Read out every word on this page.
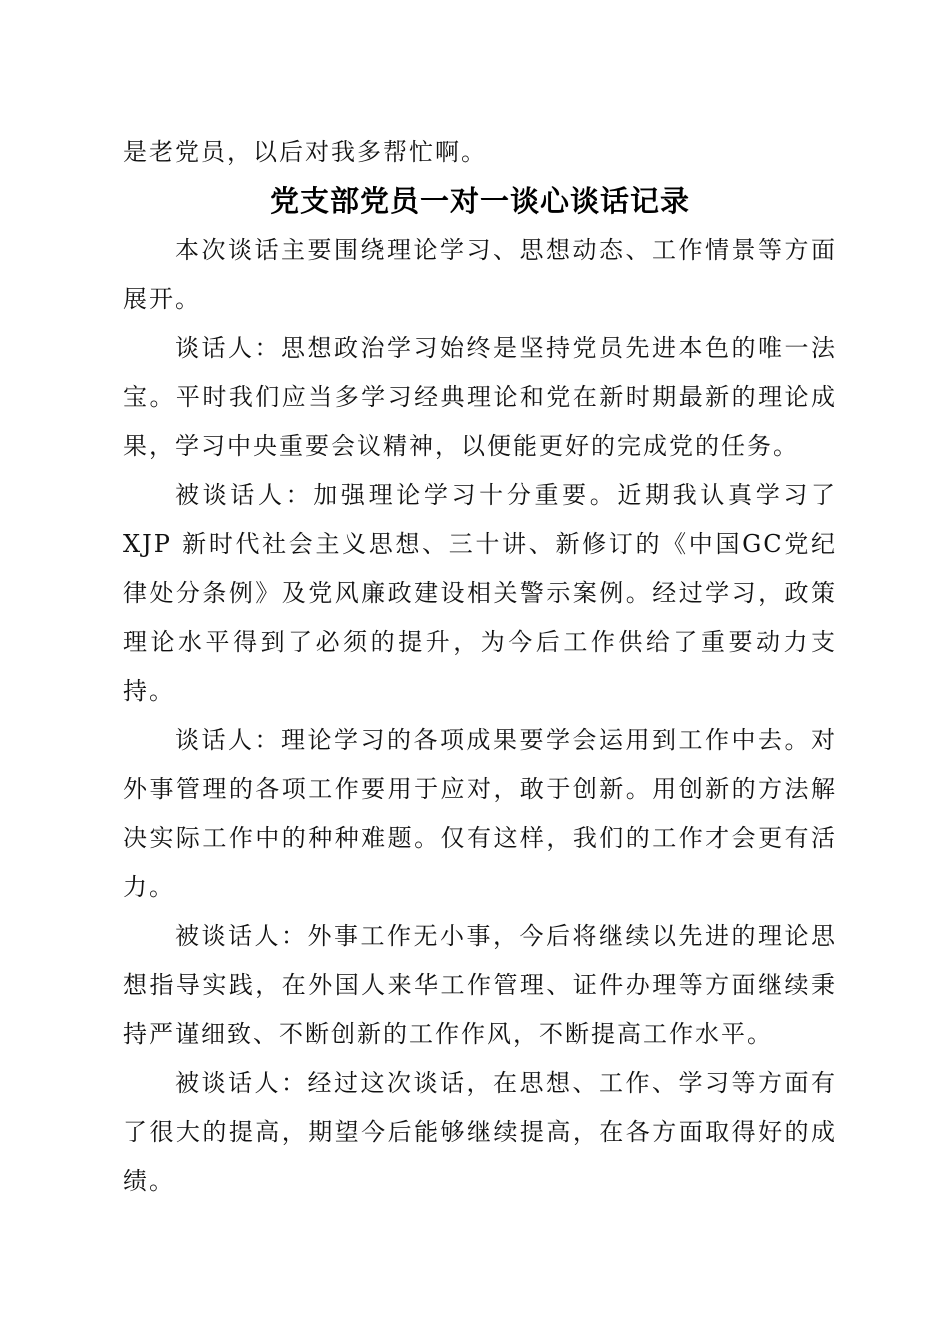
是老党员，以后对我多帮忙啊。

党支部党员一对一谈心谈话记录

本次谈话主要围绕理论学习、思想动态、工作情景等方面展开。

谈话人：思想政治学习始终是坚持党员先进本色的唯一法宝。平时我们应当多学习经典理论和党在新时期最新的理论成果，学习中央重要会议精神，以便能更好的完成党的任务。

被谈话人：加强理论学习十分重要。近期我认真学习了 XJP 新时代社会主义思想、三十讲、新修订的《中国GC党纪律处分条例》及党风廉政建设相关警示案例。经过学习，政策理论水平得到了必须的提升，为今后工作供给了重要动力支持。

谈话人：理论学习的各项成果要学会运用到工作中去。对外事管理的各项工作要用于应对，敢于创新。用创新的方法解决实际工作中的种种难题。仅有这样，我们的工作才会更有活力。

被谈话人：外事工作无小事，今后将继续以先进的理论思想指导实践，在外国人来华工作管理、证件办理等方面继续秉持严谨细致、不断创新的工作作风，不断提高工作水平。

被谈话人：经过这次谈话，在思想、工作、学习等方面有了很大的提高，期望今后能够继续提高，在各方面取得好的成绩。
